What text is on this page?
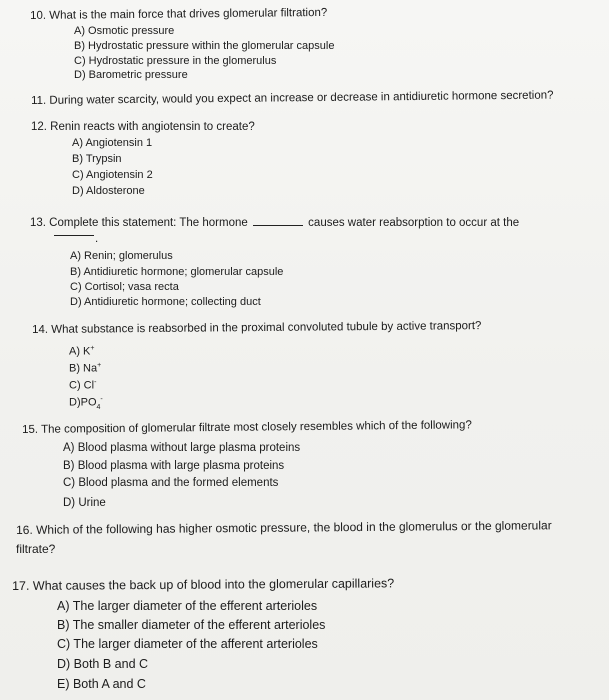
10. What is the main force that drives glomerular filtration?
A) Osmotic pressure
B) Hydrostatic pressure within the glomerular capsule
C) Hydrostatic pressure in the glomerulus
D) Barometric pressure
11. During water scarcity, would you expect an increase or decrease in antidiuretic hormone secretion?
12. Renin reacts with angiotensin to create?
A) Angiotensin 1
B) Trypsin
C) Angiotensin 2
D) Aldosterone
13. Complete this statement: The hormone	causes water reabsorption to occur at the
.
A) Renin; glomerulus
B) Antidiuretic hormone; glomerular capsule
C) Cortisol; vasa recta
D) Antidiuretic hormone; collecting duct
14. What substance is reabsorbed in the proximal convoluted tubule by active transport?
A) K+
B) Na+
C) Cl-
$D)PO_4^-$
15. The composition of glomerular filtrate most closely resembles which of the following?
A) Blood plasma without large plasma proteins
B) Blood plasma with large plasma proteins
C) Blood plasma and the formed elements
D) Urine
16. Which of the following has higher osmotic pressure, the blood in the glomerulus or the glomerular
filtrate?
17. What causes the back up of blood into the glomerular capillaries?
A) The larger diameter of the efferent arterioles
B) The smaller diameter of the efferent arterioles
C) The larger diameter of the afferent arterioles
D) Both B and C
E) Both A and C
